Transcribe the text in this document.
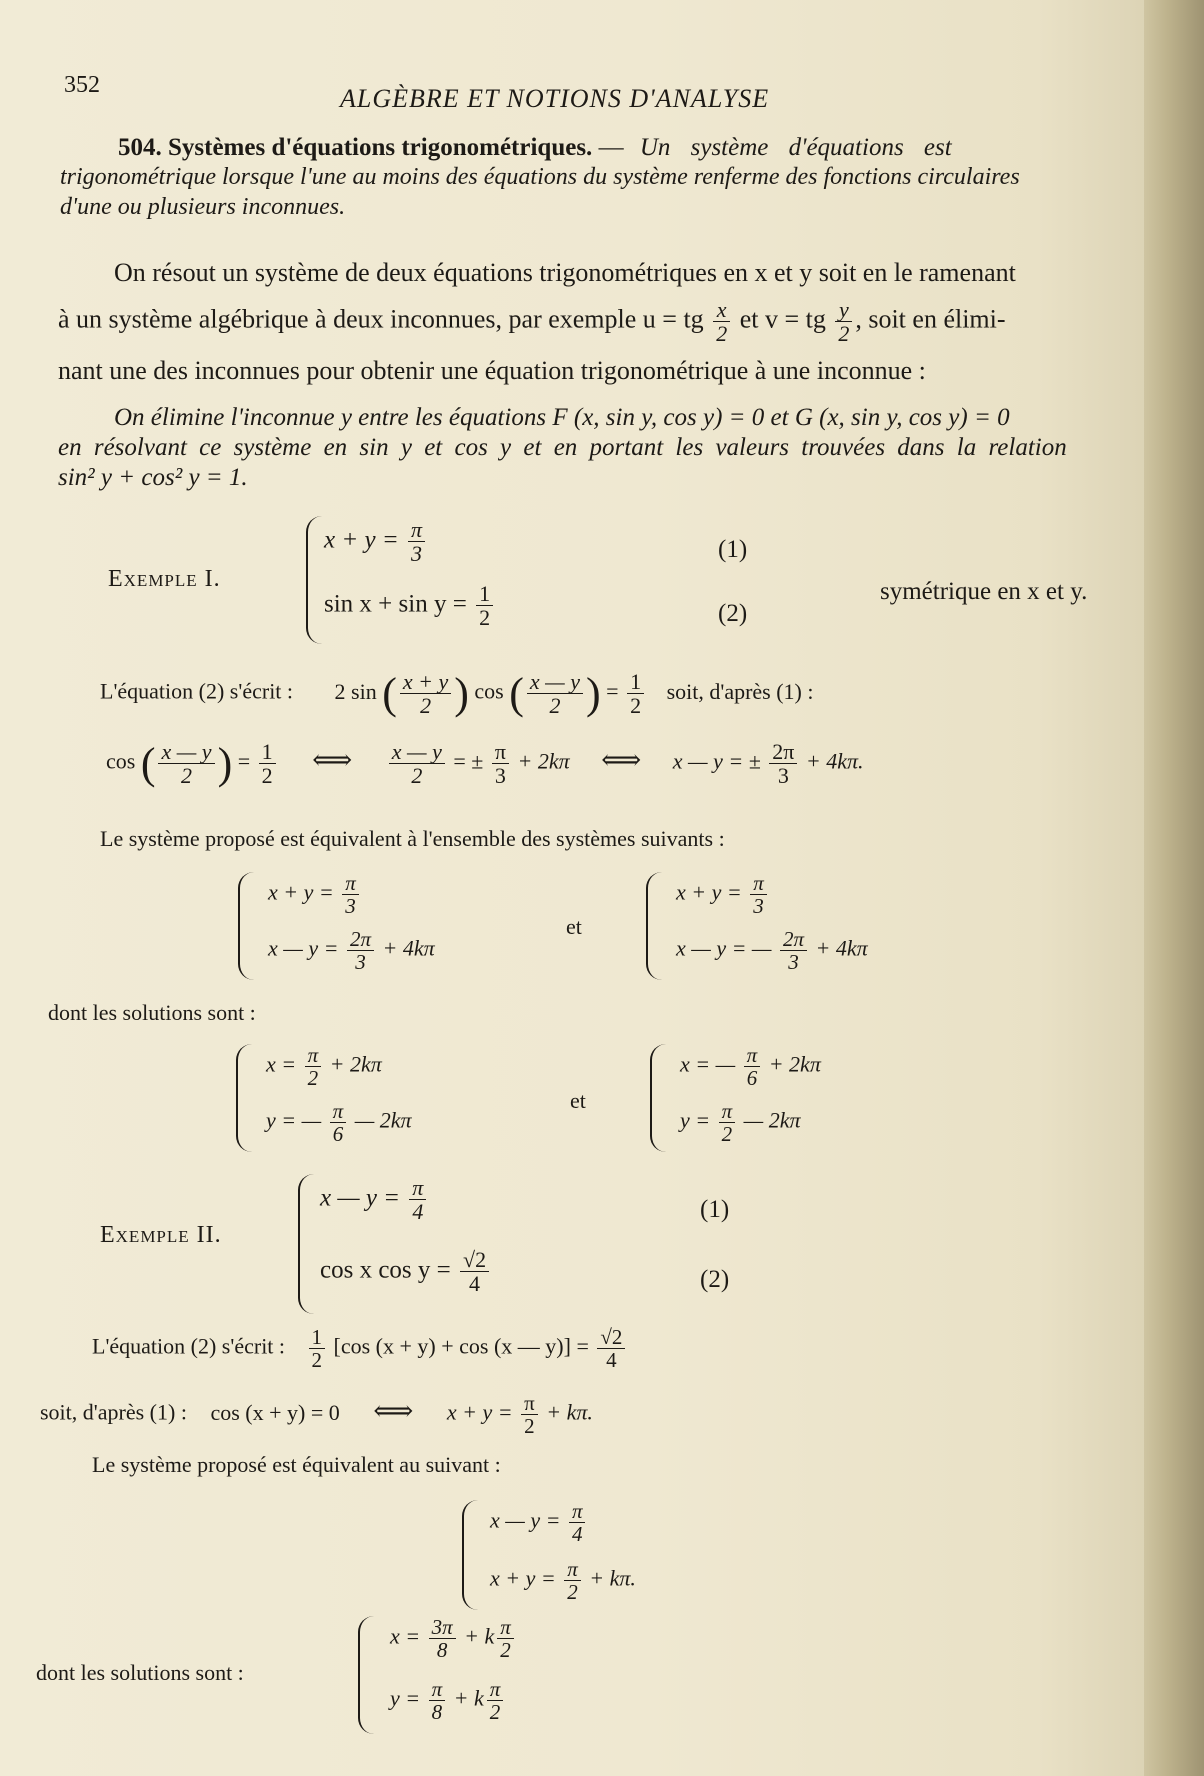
352	ALGÈBRE ET NOTIONS D'ANALYSE
504. Systèmes d'équations trigonométriques. — Un système d'équations est
trigonométrique lorsque l'une au moins des équations du système renferme des fonctions circulaires
d'une ou plusieurs inconnues.
On résout un système de deux équations trigonométriques en x et y soit en le ramenant
à un système algébrique à deux inconnues, par exemple u = tg $\frac{x}{2}$ et v = tg $\frac{y}{2}$ , soit en élimi-
nant une des inconnues pour obtenir une équation trigonométrique à une inconnue :
On élimine l'inconnue y entre les équations F (x, sin y, cos y) = 0 et G (x, sin y, cos y) = 0
en résolvant ce système en sin y et cos y et en portant les valeurs trouvées dans la relation
sin² y + cos² y = 1.
Exemple I.
$x + y = \frac{\pi}{3}$	(1)
$\sin x + \sin y = \frac{1}{2}$	(2)
symétrique en x et y.
L'équation (2) s'écrit : 2 sin ( $\frac{x + y}{2}$ ) cos ( $\frac{x — y}{2}$ ) = $\frac{1}{2}$ soit, d'après (1) :
cos ( $\frac{x — y}{2}$ ) = $\frac{1}{2}$ ⟺ $\frac{x — y}{2}$ = ± $\frac{\pi}{3} + 2k\pi$ ⟺ x — y = ± $\frac{2\pi}{3} + 4k\pi$.
Le système proposé est équivalent à l'ensemble des systèmes suivants :
$x + y = \frac{\pi}{3}$
x — $y = \frac{2\pi}{3} + 4k\pi$
et
$x + y = \frac{\pi}{3}$
x — y = — $\frac{2\pi}{3} + 4k\pi$
dont les solutions sont :
$x = \frac{\pi}{2} + 2k\pi$
y = — $\frac{\pi}{6}$ — 2kπ
et
x = — $\frac{\pi}{6} + 2k\pi$
$y = \frac{\pi}{2}$ — 2kπ
Exemple II.
x — $y = \frac{\pi}{4}$	(1)
cos x $\cos y = \frac{√2}{4}$	(2)
L'équation (2) s'écrit : $\frac{1}{2} [\cos$ (x + y) + cos (x — $y)] = \frac{√2}{4}$
soit, d'après (1) : cos (x + y) = 0 ⟺ $x + y = \frac{\pi}{2} + k\pi$.
Le système proposé est équivalent au suivant :
x — $y = \frac{\pi}{4}$
$x + y = \frac{\pi}{2} + k\pi$.
dont les solutions sont :
$x = \frac{3\pi}{8} + k \frac{\pi}{2}$
$y = \frac{\pi}{8} + k \frac{\pi}{2}$
